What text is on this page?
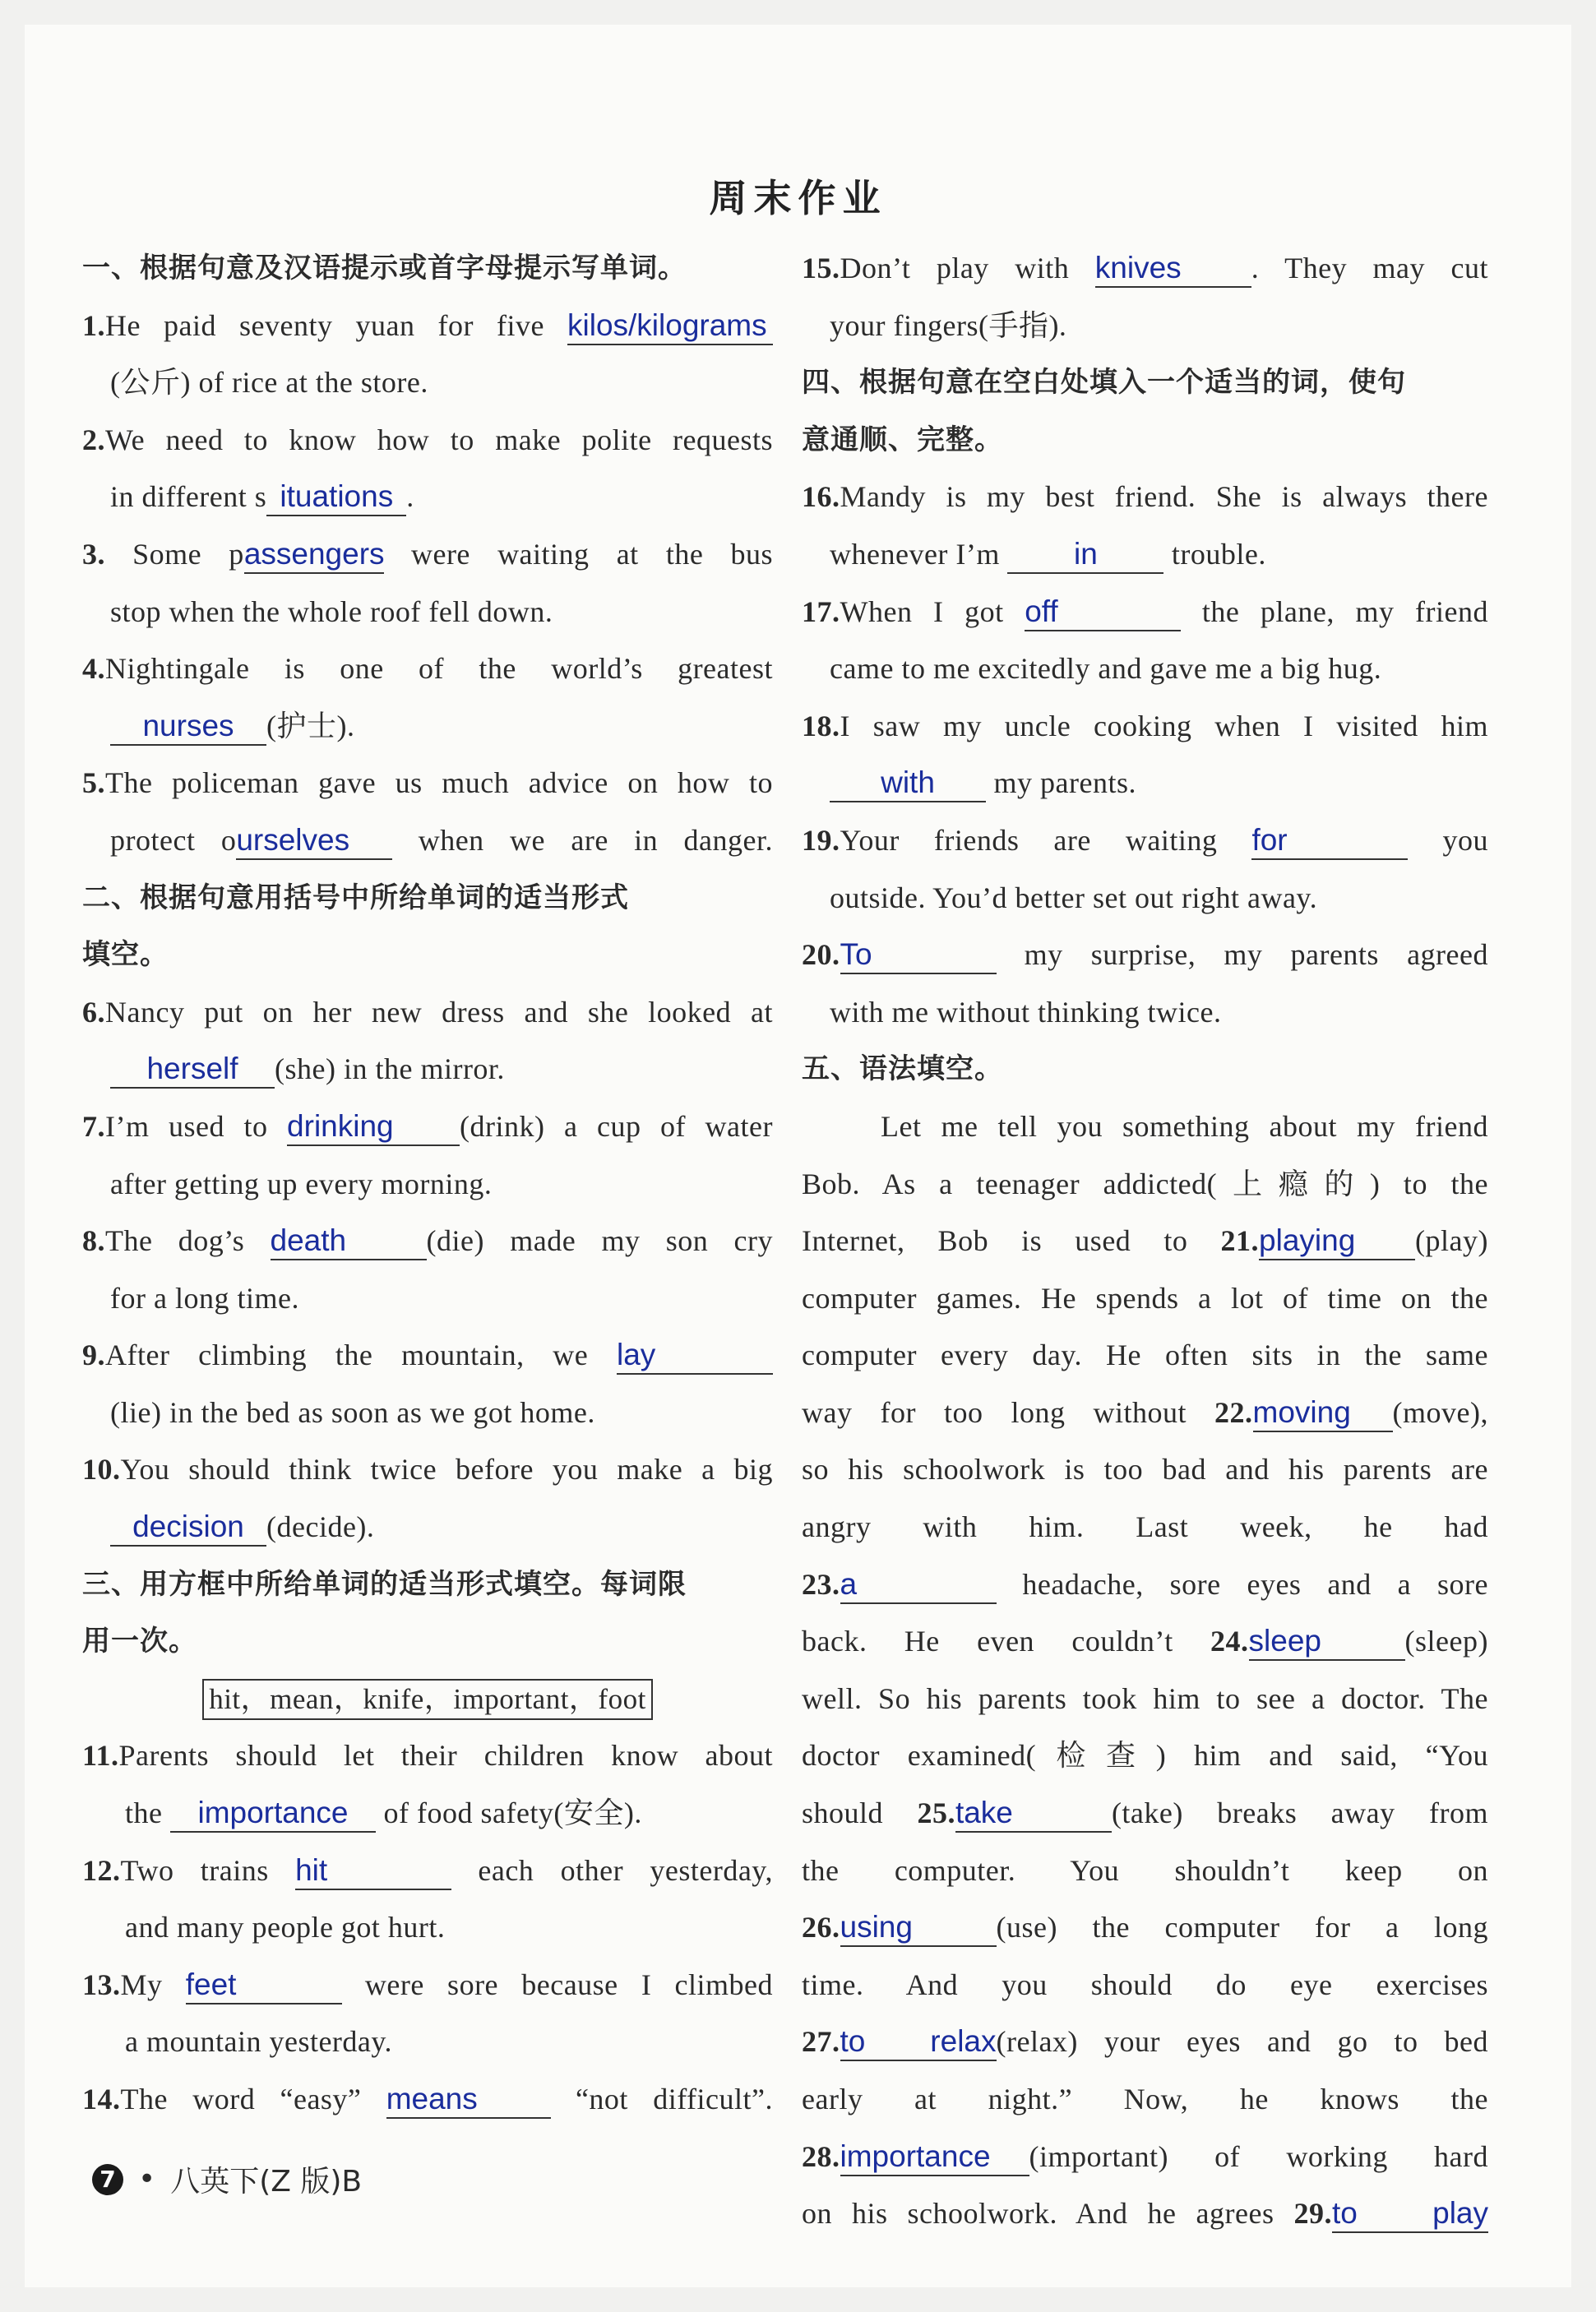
周末作业
一、根据句意及汉语提示或首字母提示写单词。
1.He paid seventy yuan for five kilos/kilograms
(公斤) of rice at the store.
2.We need to know how to make polite requests
in different s ituations .
3. Some passengers were waiting at the bus
stop when the whole roof fell down.
4.Nightingale is one of the world’s greatest
nurses (护士).
5.The policeman gave us much advice on how to
protect ourselves when we are in danger.
二、根据句意用括号中所给单词的适当形式
填空。
6.Nancy put on her new dress and she looked at
herself (she) in the mirror.
7.I’m used to drinking (drink) a cup of water
after getting up every morning.
8.The dog’s death	(die) made my son cry
for a long time.
9.After climbing the mountain, we lay
(lie) in the bed as soon as we got home.
10.You should think twice before you make a big
decision (decide).
三、用方框中所给单词的适当形式填空。每词限
用一次。
hit，mean，knife，important，foot
11.Parents should let their children know about
the importance of food safety(安全).
12.Two trains hit	each other yesterday,
and many people got hurt.
13.My feet	were sore because I climbed
a mountain yesterday.
14.The word “easy” means “not difficult”.
15.Don’t play with knives . They may cut
your fingers(手指).
四、根据句意在空白处填入一个适当的词，使句
意通顺、完整。
16.Mandy is my best friend. She is always there
whenever I’m in trouble.
17.When I got off	the plane, my friend
came to me excitedly and gave me a big hug.
18.I saw my uncle cooking when I visited him
with my parents.
19.Your friends are waiting for	you
outside. You’d better set out right away.
20.To	my surprise, my parents agreed
with me without thinking twice.
五、语法填空。
Let me tell you something about my friend
Bob. As a teenager addicted(上瘾的) to the
Internet, Bob is used to 21.playing (play)
computer games. He spends a lot of time on the
computer every day. He often sits in the same
way for too long without 22.moving (move),
so his schoolwork is too bad and his parents are
angry with him. Last week, he had
23.a	headache, sore eyes and a sore
back. He even couldn’t 24.sleep	(sleep)
well. So his parents took him to see a doctor. The
doctor examined(检查) him and said, “You
should 25.take	(take) breaks away from
the computer. You shouldn’t keep on
26.using	(use) the computer for a long
time. And you should do eye exercises
27.to relax(relax) your eyes and go to bed
early at night.” Now, he knows the
28.importance (important) of working hard
on his schoolwork. And he agrees 29.to play
7 • 八英下(Z 版)B
